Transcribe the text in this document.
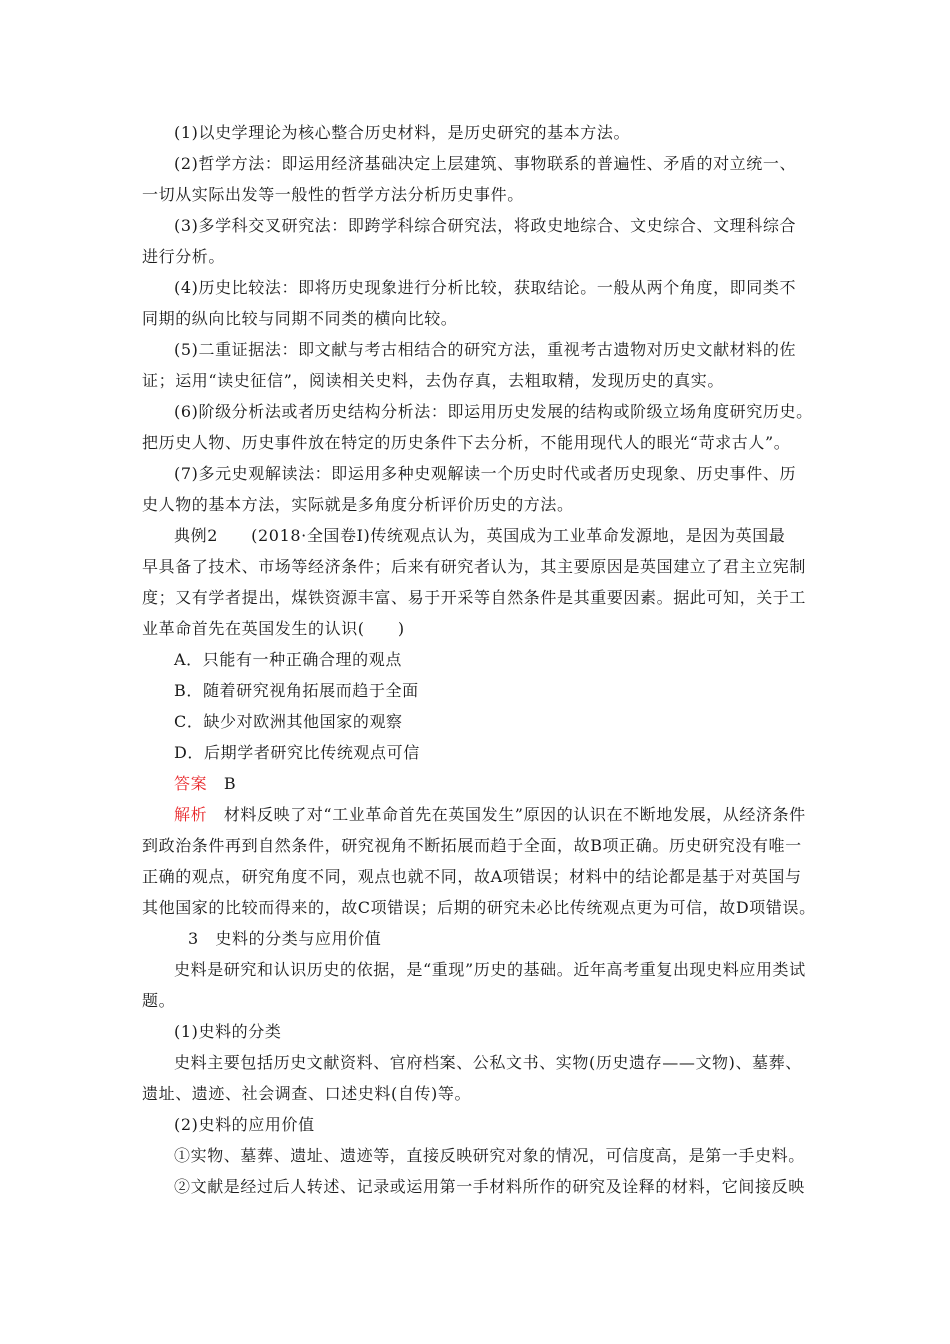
(1)以史学理论为核心整合历史材料，是历史研究的基本方法。
(2)哲学方法：即运用经济基础决定上层建筑、事物联系的普遍性、矛盾的对立统一、
一切从实际出发等一般性的哲学方法分析历史事件。
(3)多学科交叉研究法：即跨学科综合研究法，将政史地综合、文史综合、文理科综合
进行分析。
(4)历史比较法：即将历史现象进行分析比较，获取结论。一般从两个角度，即同类不
同期的纵向比较与同期不同类的横向比较。
(5)二重证据法：即文献与考古相结合的研究方法，重视考古遗物对历史文献材料的佐
证；运用“读史征信”，阅读相关史料，去伪存真，去粗取精，发现历史的真实。
(6)阶级分析法或者历史结构分析法：即运用历史发展的结构或阶级立场角度研究历史。
把历史人物、历史事件放在特定的历史条件下去分析，不能用现代人的眼光“苛求古人”。
(7)多元史观解读法：即运用多种史观解读一个历史时代或者历史现象、历史事件、历
史人物的基本方法，实际就是多角度分析评价历史的方法。
典例2　　(2018·全国卷Ⅰ)传统观点认为，英国成为工业革命发源地，是因为英国最
早具备了技术、市场等经济条件；后来有研究者认为，其主要原因是英国建立了君主立宪制
度；又有学者提出，煤铁资源丰富、易于开采等自然条件是其重要因素。据此可知，关于工
业革命首先在英国发生的认识(　　)
A．只能有一种正确合理的观点
B．随着研究视角拓展而趋于全面
C．缺少对欧洲其他国家的观察
D．后期学者研究比传统观点可信
答案　 B
解析　 材料反映了对“工业革命首先在英国发生”原因的认识在不断地发展，从经济条件
到政治条件再到自然条件，研究视角不断拓展而趋于全面，故B项正确。历史研究没有唯一
正确的观点，研究角度不同，观点也就不同，故A项错误；材料中的结论都是基于对英国与
其他国家的比较而得来的，故C项错误；后期的研究未必比传统观点更为可信，故D项错误。
3　史料的分类与应用价值
史料是研究和认识历史的依据，是“重现”历史的基础。近年高考重复出现史料应用类试
题。
(1)史料的分类
史料主要包括历史文献资料、官府档案、公私文书、实物(历史遗存——文物)、墓葬、
遗址、遗迹、社会调查、口述史料(自传)等。
(2)史料的应用价值
①实物、墓葬、遗址、遗迹等，直接反映研究对象的情况，可信度高，是第一手史料。
②文献是经过后人转述、记录或运用第一手材料所作的研究及诠释的材料，它间接反映
